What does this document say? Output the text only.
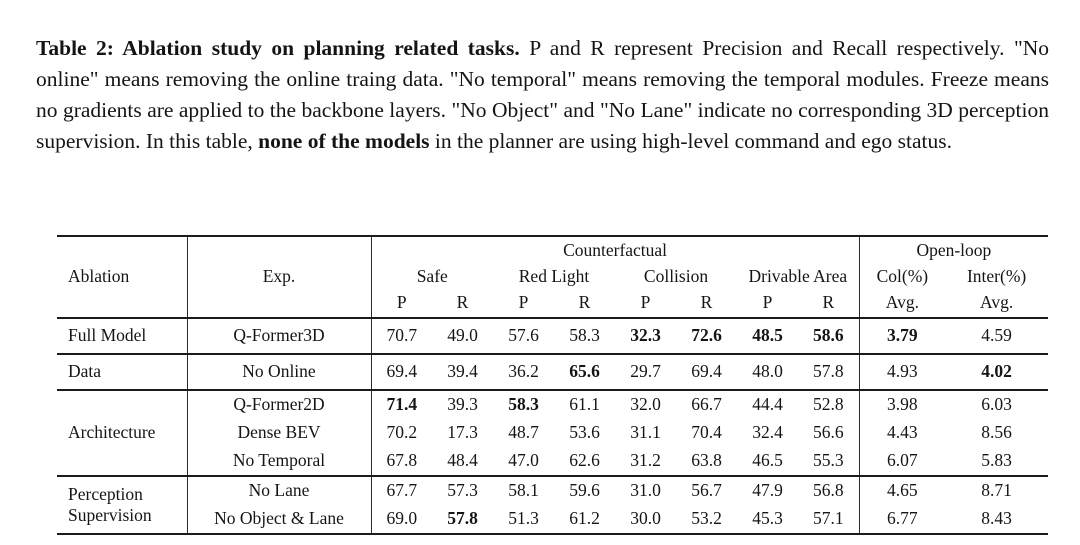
Table 2: Ablation study on planning related tasks. P and R represent Precision and Recall respectively. "No online" means removing the online traing data. "No temporal" means removing the temporal modules. Freeze means no gradients are applied to the backbone layers. "No Object" and "No Lane" indicate no corresponding 3D perception supervision. In this table, none of the models in the planner are using high-level command and ego status.

Ablation	Exp.	Counterfactual								Open-loop	
		Safe		Red Light		Collision		Drivable Area		Col(%)	Inter(%)
		P	R	P	R	P	R	P	R	Avg.	Avg.
Full Model	Q-Former3D	70.7	49.0	57.6	58.3	32.3	72.6	48.5	58.6	3.79	4.59
Data	No Online	69.4	39.4	36.2	65.6	29.7	69.4	48.0	57.8	4.93	4.02
Architecture	Q-Former2D	71.4	39.3	58.3	61.1	32.0	66.7	44.4	52.8	3.98	6.03
	Dense BEV	70.2	17.3	48.7	53.6	31.1	70.4	32.4	56.6	4.43	8.56
	No Temporal	67.8	48.4	47.0	62.6	31.2	63.8	46.5	55.3	6.07	5.83
Perception Supervision	No Lane	67.7	57.3	58.1	59.6	31.0	56.7	47.9	56.8	4.65	8.71
	No Object & Lane	69.0	57.8	51.3	61.2	30.0	53.2	45.3	57.1	6.77	8.43
